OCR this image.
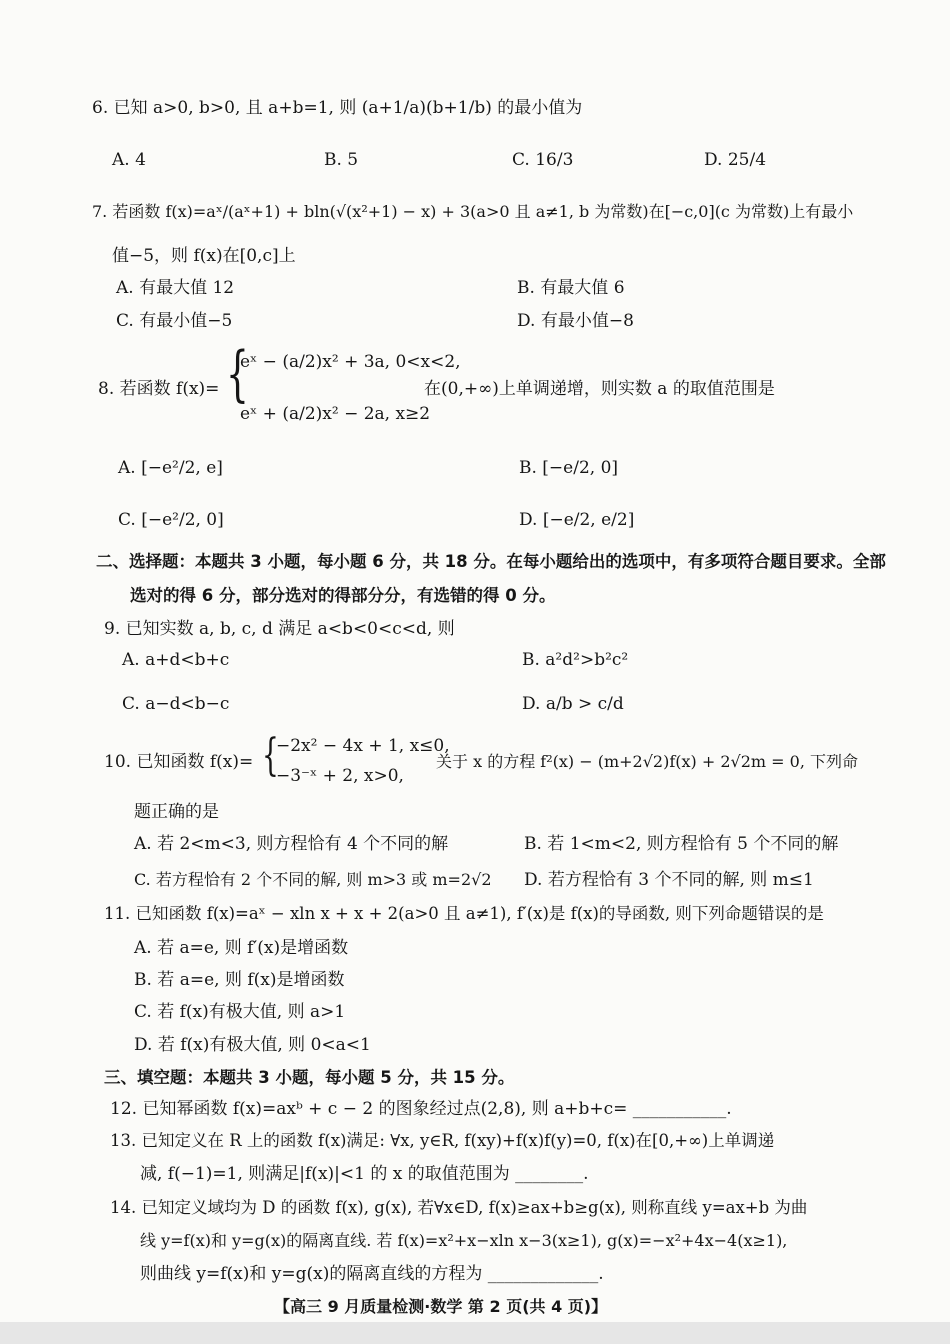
6. 已知 a>0, b>0, 且 a+b=1, 则 (a+1/a)(b+1/b) 的最小值为
A. 4	B. 5	C. 16/3	D. 25/4
7. 若函数 f(x)=aˣ/(aˣ+1) + bln(√(x²+1) − x) + 3(a>0 且 a≠1, b 为常数)在[−c,0](c 为常数)上有最小
值−5，则 f(x)在[0,c]上
A. 有最大值 12	B. 有最大值 6
C. 有最小值−5	D. 有最小值−8
8. 若函数 f(x)= {
eˣ − (a/2)x² + 3a, 0<x<2,
eˣ + (a/2)x² − 2a, x≥2
在(0,+∞)上单调递增，则实数 a 的取值范围是
A. [−e²/2, e]	B. [−e/2, 0]
C. [−e²/2, 0]	D. [−e/2, e/2]
二、选择题：本题共 3 小题，每小题 6 分，共 18 分。在每小题给出的选项中，有多项符合题目要求。全部
选对的得 6 分，部分选对的得部分分，有选错的得 0 分。
9. 已知实数 a, b, c, d 满足 a<b<0<c<d, 则
A. a+d<b+c	B. a²d²>b²c²
C. a−d<b−c	D. a/b > c/d
10. 已知函数 f(x)= {
−2x² − 4x + 1, x≤0,
−3⁻ˣ + 2, x>0,
关于 x 的方程 f²(x) − (m+2√2)f(x) + 2√2m = 0, 下列命
题正确的是
A. 若 2<m<3, 则方程恰有 4 个不同的解	B. 若 1<m<2, 则方程恰有 5 个不同的解
C. 若方程恰有 2 个不同的解, 则 m>3 或 m=2√2 D. 若方程恰有 3 个不同的解, 则 m≤1
11. 已知函数 f(x)=aˣ − xln x + x + 2(a>0 且 a≠1), f′(x)是 f(x)的导函数, 则下列命题错误的是
A. 若 a=e, 则 f′(x)是增函数
B. 若 a=e, 则 f(x)是增函数
C. 若 f(x)有极大值, 则 a>1
D. 若 f(x)有极大值, 则 0<a<1
三、填空题：本题共 3 小题，每小题 5 分，共 15 分。
12. 已知幂函数 f(x)=axᵇ + c − 2 的图象经过点(2,8), 则 a+b+c= ___________.
13. 已知定义在 R 上的函数 f(x)满足: ∀x, y∈R, f(xy)+f(x)f(y)=0, f(x)在[0,+∞)上单调递
减, f(−1)=1, 则满足|f(x)|<1 的 x 的取值范围为 ________.
14. 已知定义域均为 D 的函数 f(x), g(x), 若∀x∈D, f(x)≥ax+b≥g(x), 则称直线 y=ax+b 为曲
线 y=f(x)和 y=g(x)的隔离直线. 若 f(x)=x²+x−xln x−3(x≥1), g(x)=−x²+4x−4(x≥1),
则曲线 y=f(x)和 y=g(x)的隔离直线的方程为 _____________.
【高三 9 月质量检测·数学 第 2 页(共 4 页)】
